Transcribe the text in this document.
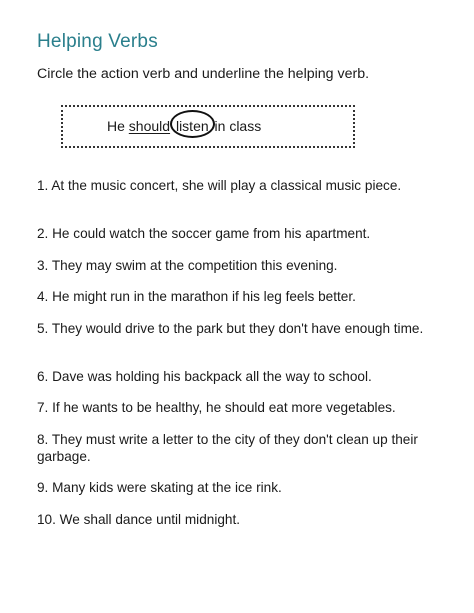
Helping Verbs
Circle the action verb and underline the helping verb.
He should listen in class
1. At the music concert, she will play a classical music piece.
2. He could watch the soccer game from his apartment.
3. They may swim at the competition this evening.
4. He might run in the marathon if his leg feels better.
5. They would drive to the park but they don't have enough time.
6. Dave was holding his backpack all the way to school.
7. If he wants to be healthy, he should eat more vegetables.
8. They must write a letter to the city of they don't clean up their garbage.
9. Many kids were skating at the ice rink.
10. We shall dance until midnight.
